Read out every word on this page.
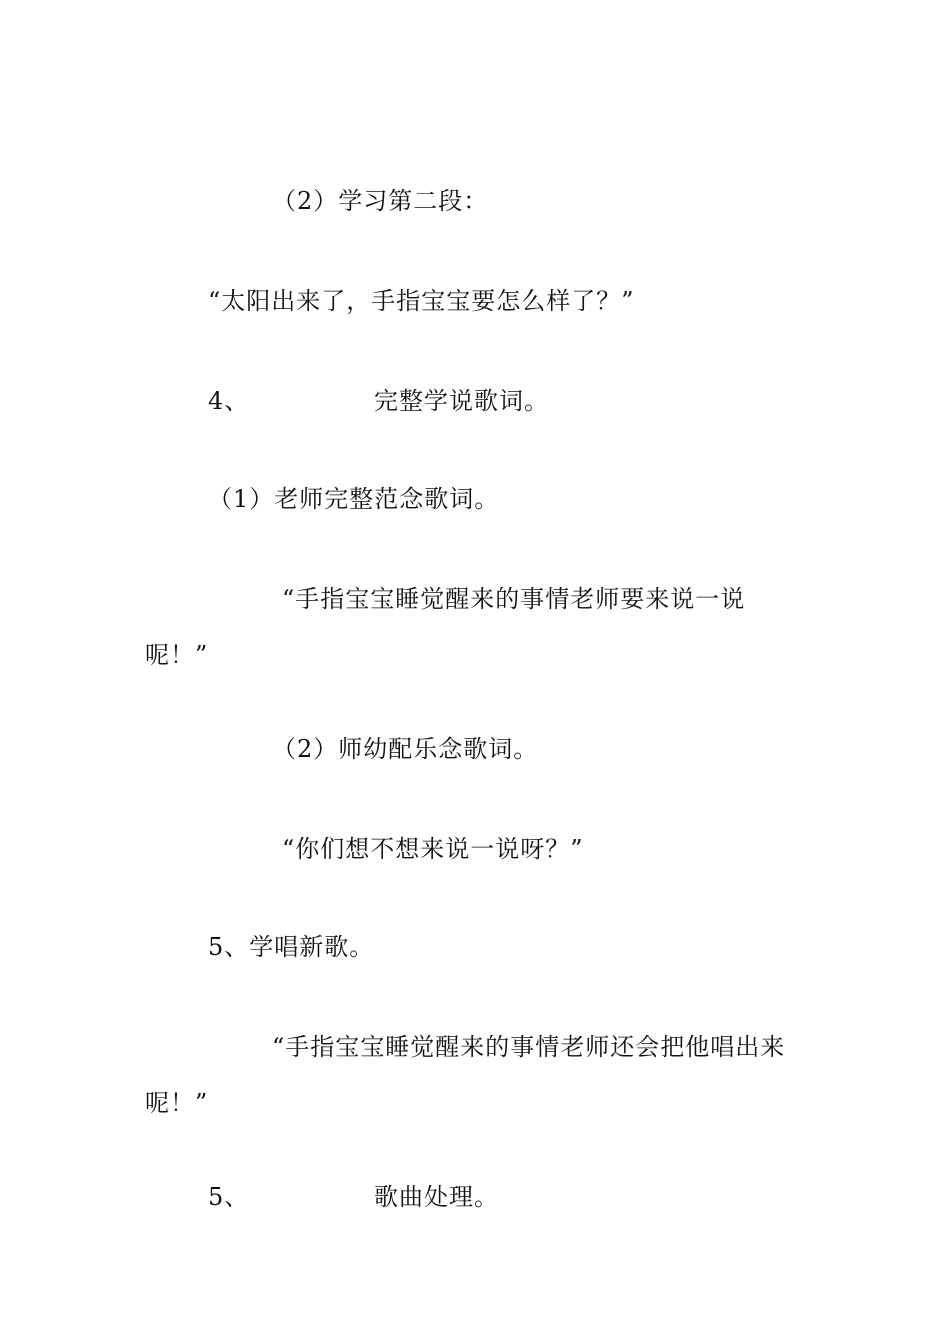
（2）学习第二段：
“太阳出来了，手指宝宝要怎么样了？”
4、	完整学说歌词。
（1）老师完整范念歌词。
“手指宝宝睡觉醒来的事情老师要来说一说
呢！”
（2）师幼配乐念歌词。
“你们想不想来说一说呀？”
5、学唱新歌。
“手指宝宝睡觉醒来的事情老师还会把他唱出来
呢！”
5、	歌曲处理。
